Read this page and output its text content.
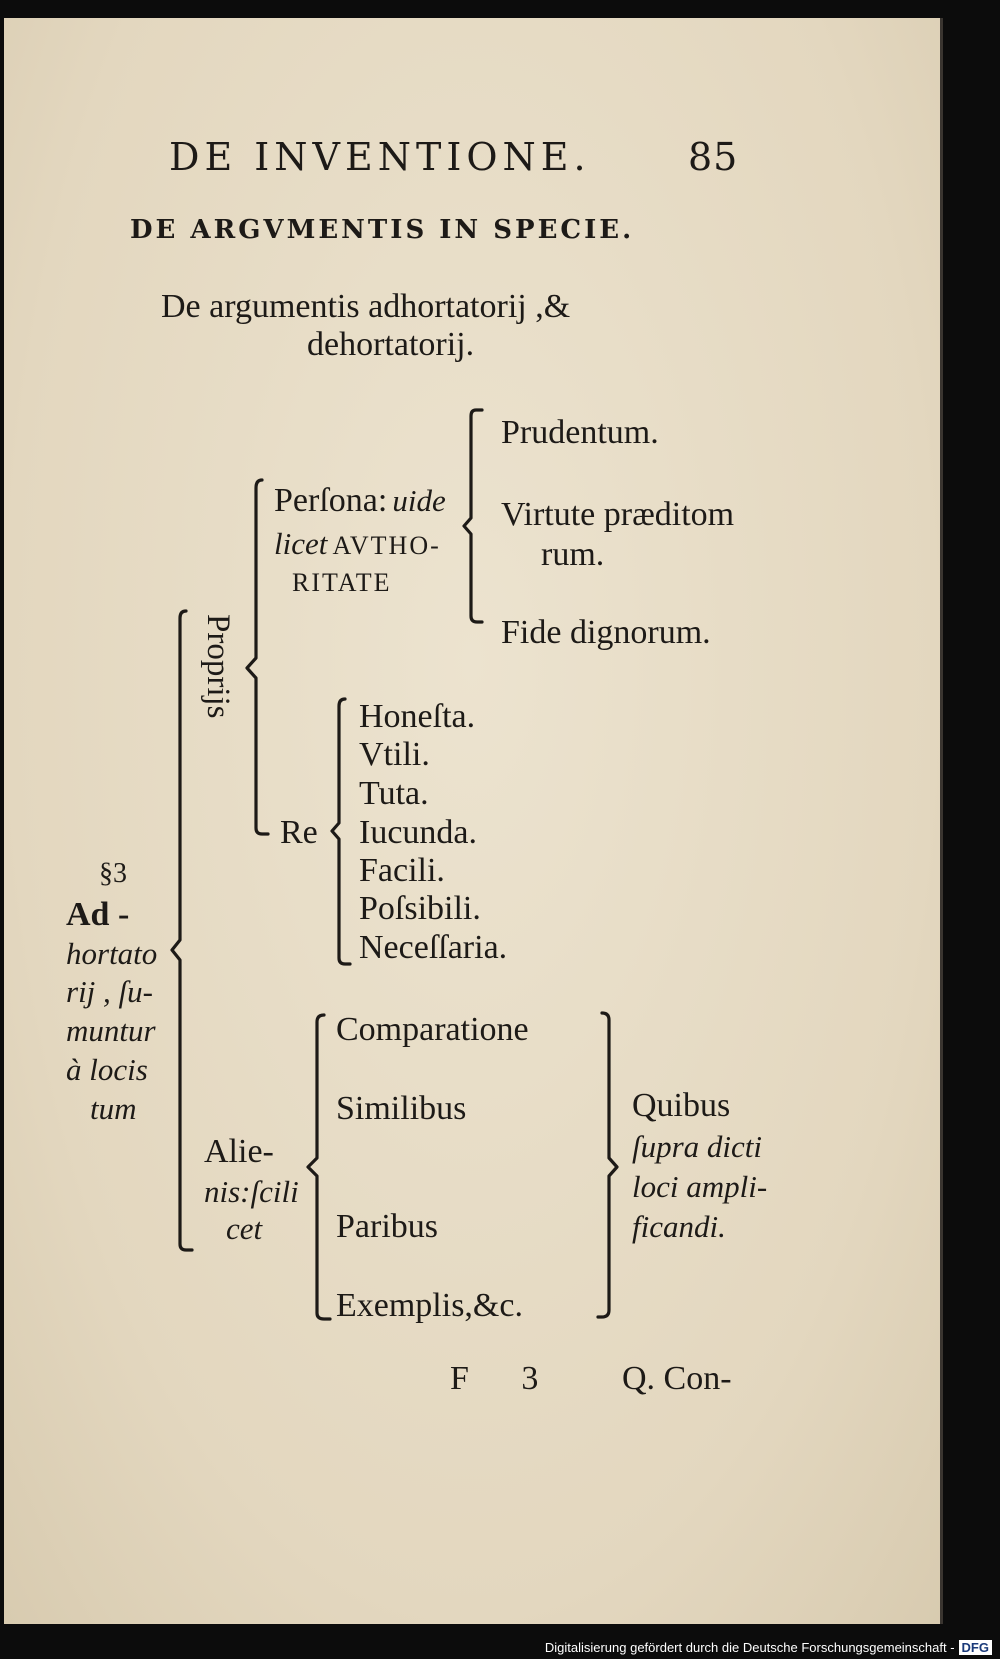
DE INVENTIONE.	85
DE ARGVMENTIS IN SPECIE.
De argumentis adhortatorij ,&
dehortatorij.
Prudentum.
Virtute præditom
rum.
Fide dignorum.
Perſona: uide
licet AVTHO-
RITATE
Proprijs	Honeſta.
Vtili.
Tuta.
Iucunda.
Facili.
Poſsibili.
Neceſſaria.
Re
§3
Ad -
hortato
rij , ſu-
muntur
à locis
tum
Alie-
nis:ſcili
cet
Comparatione
Similibus
Paribus
Exemplis,&c.
Quibus
ſupra dicti
loci ampli-
ficandi.
F 3 Q. Con-
Digitalisierung gefördert durch die Deutsche Forschungsgemeinschaft - DFG
